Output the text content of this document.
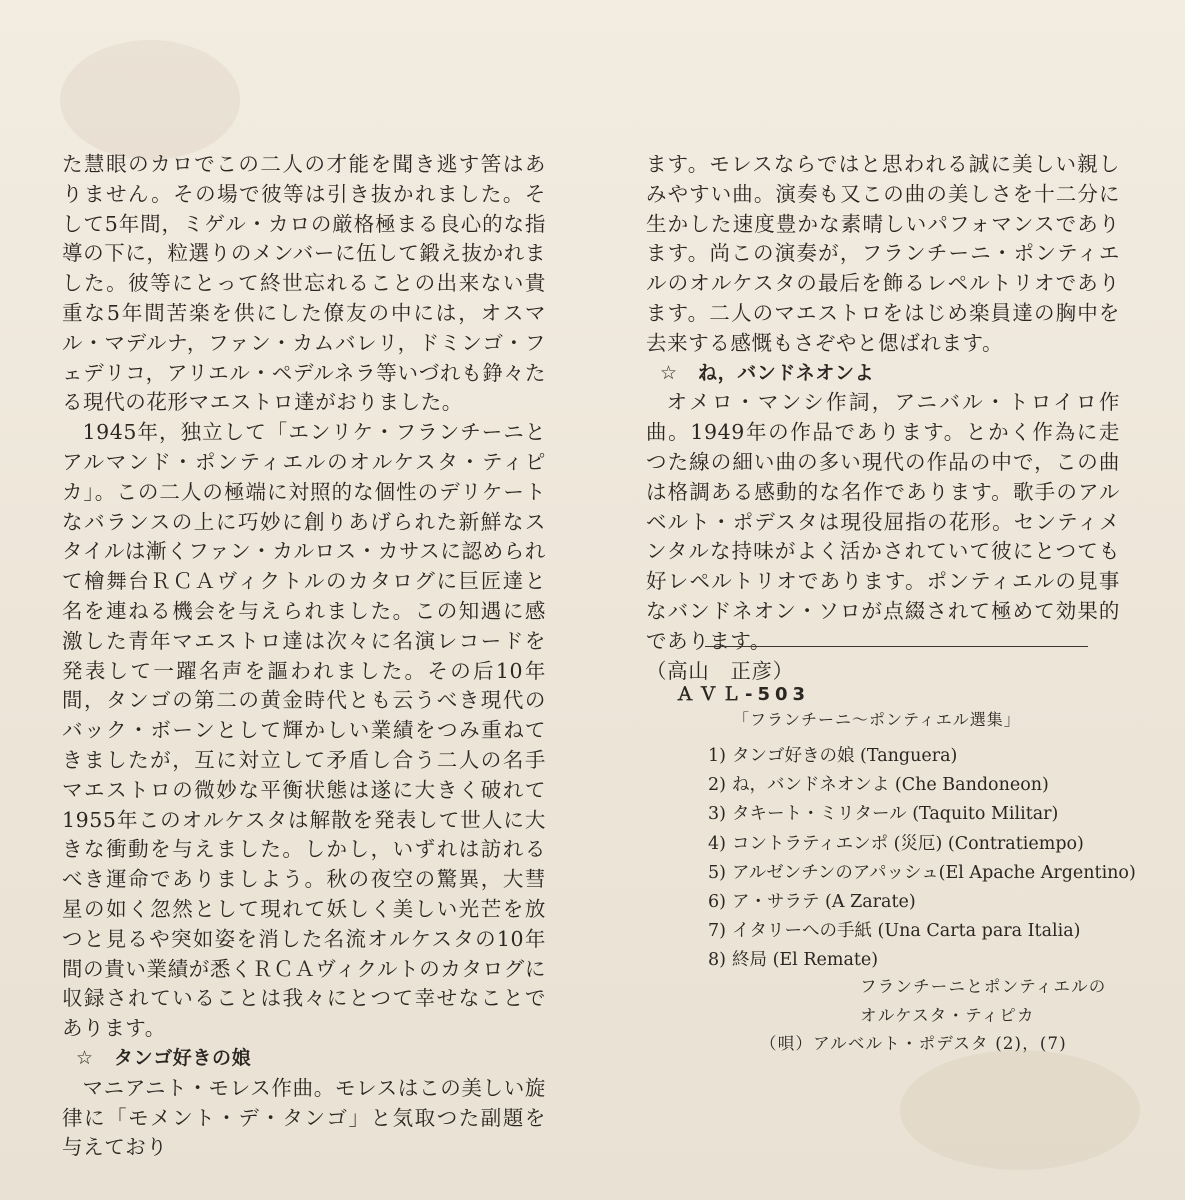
た慧眼のカロでこの二人の才能を聞き逃す筈はありません。その場で彼等は引き抜かれました。そして5年間，ミゲル・カロの厳格極まる良心的な指導の下に，粒選りのメンバーに伍して鍛え抜かれました。彼等にとって終世忘れることの出来ない貴重な5年間苦楽を供にした僚友の中には，オスマル・マデルナ，ファン・カムバレリ，ドミンゴ・フェデリコ，アリエル・ペデルネラ等いづれも錚々たる現代の花形マエストロ達がおりました。

1945年，独立して「エンリケ・フランチーニとアルマンド・ポンティエルのオルケスタ・ティピカ」。この二人の極端に対照的な個性のデリケートなバランスの上に巧妙に創りあげられた新鮮なスタイルは漸くファン・カルロス・カサスに認められて檜舞台ＲＣＡヴィクトルのカタログに巨匠達と名を連ねる機会を与えられました。この知遇に感激した青年マエストロ達は次々に名演レコードを発表して一躍名声を謳われました。その后10年間，タンゴの第二の黄金時代とも云うべき現代のバック・ボーンとして輝かしい業績をつみ重ねてきましたが，互に対立して矛盾し合う二人の名手マエストロの微妙な平衡状態は遂に大きく破れて1955年このオルケスタは解散を発表して世人に大きな衝動を与えました。しかし，いずれは訪れるべき運命でありましよう。秋の夜空の驚異，大彗星の如く忽然として現れて妖しく美しい光芒を放つと見るや突如姿を消した名流オルケスタの10年間の貴い業績が悉くＲＣＡヴィクルトのカタログに収録されていることは我々にとつて幸せなことであります。

☆ タンゴ好きの娘

マニアニト・モレス作曲。モレスはこの美しい旋律に「モメント・デ・タンゴ」と気取つた副題を与えており

ます。モレスならではと思われる誠に美しい親しみやすい曲。演奏も又この曲の美しさを十二分に生かした速度豊かな素晴しいパフォマンスであります。尚この演奏が，フランチーニ・ポンティエルのオルケスタの最后を飾るレペルトリオであります。二人のマエストロをはじめ楽員達の胸中を去来する感慨もさぞやと偲ばれます。

☆ ね，バンドネオンよ

オメロ・マンシ作詞，アニバル・トロイロ作曲。1949年の作品であります。とかく作為に走つた線の細い曲の多い現代の作品の中で，この曲は格調ある感動的な名作であります。歌手のアルベルト・ポデスタは現役屈指の花形。センティメンタルな持味がよく活かされていて彼にとつても好レペルトリオであります。ポンティエルの見事なバンドネオン・ソロが点綴されて極めて効果的であります。

（高山　正彦）

ＡＶＬ-503
「フランチーニ～ポンティエル選集」
1) タンゴ好きの娘 (Tanguera)
2) ね，バンドネオンよ (Che Bandoneon)
3) タキート・ミリタール (Taquito Militar)
4) コントラティエンポ (災厄) (Contratiempo)
5) アルゼンチンのアパッシュ(El Apache Argentino)
6) ア・サラテ (A Zarate)
7) イタリーへの手紙 (Una Carta para Italia)
8) 終局 (El Remate)
フランチーニとポンティエルの
オルケスタ・ティピカ
（唄）アルベルト・ポデスタ (2)，(7)
